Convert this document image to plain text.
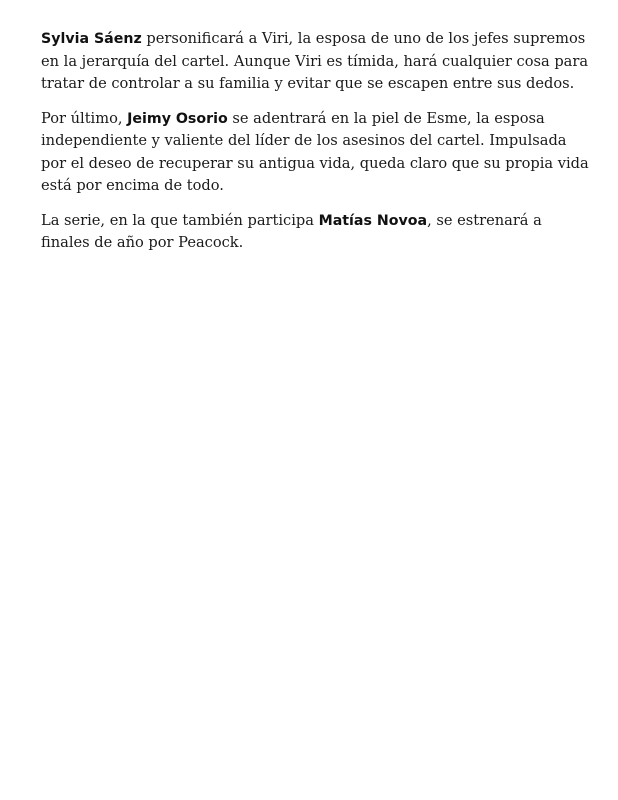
Sylvia Sáenz personificará a Viri, la esposa de uno de los jefes supremos en la jerarquía del cartel. Aunque Viri es tímida, hará cualquier cosa para tratar de controlar a su familia y evitar que se escapen entre sus dedos.

Por último, Jeimy Osorio se adentrará en la piel de Esme, la esposa independiente y valiente del líder de los asesinos del cartel. Impulsada por el deseo de recuperar su antigua vida, queda claro que su propia vida está por encima de todo.

La serie, en la que también participa Matías Novoa, se estrenará a finales de año por Peacock.
